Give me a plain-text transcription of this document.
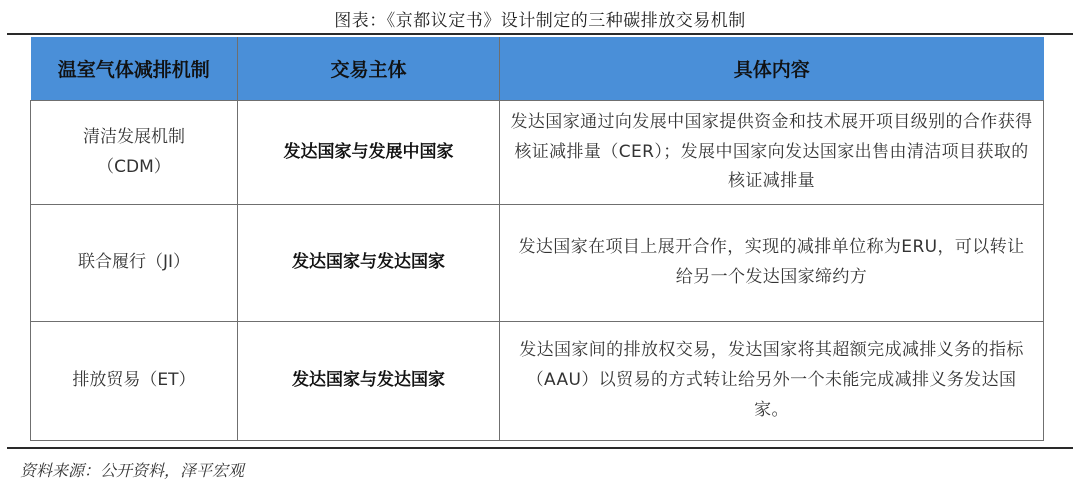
图表：《京都议定书》设计制定的三种碳排放交易机制
温室气体减排机制	交易主体	具体内容

清洁发展机制
（CDM）	发达国家与发展中国家	发达国家通过向发展中国家提供资金和技术展开项目级别的合作获得核证减排量（CER）；发展中国家向发达国家出售由清洁项目获取的核证减排量

联合履行（JI）	发达国家与发达国家	发达国家在项目上展开合作，实现的减排单位称为ERU，可以转让给另一个发达国家缔约方

排放贸易（ET）	发达国家与发达国家	发达国家间的排放权交易，发达国家将其超额完成减排义务的指标（AAU）以贸易的方式转让给另外一个未能完成减排义务发达国家。
资料来源：公开资料，泽平宏观
